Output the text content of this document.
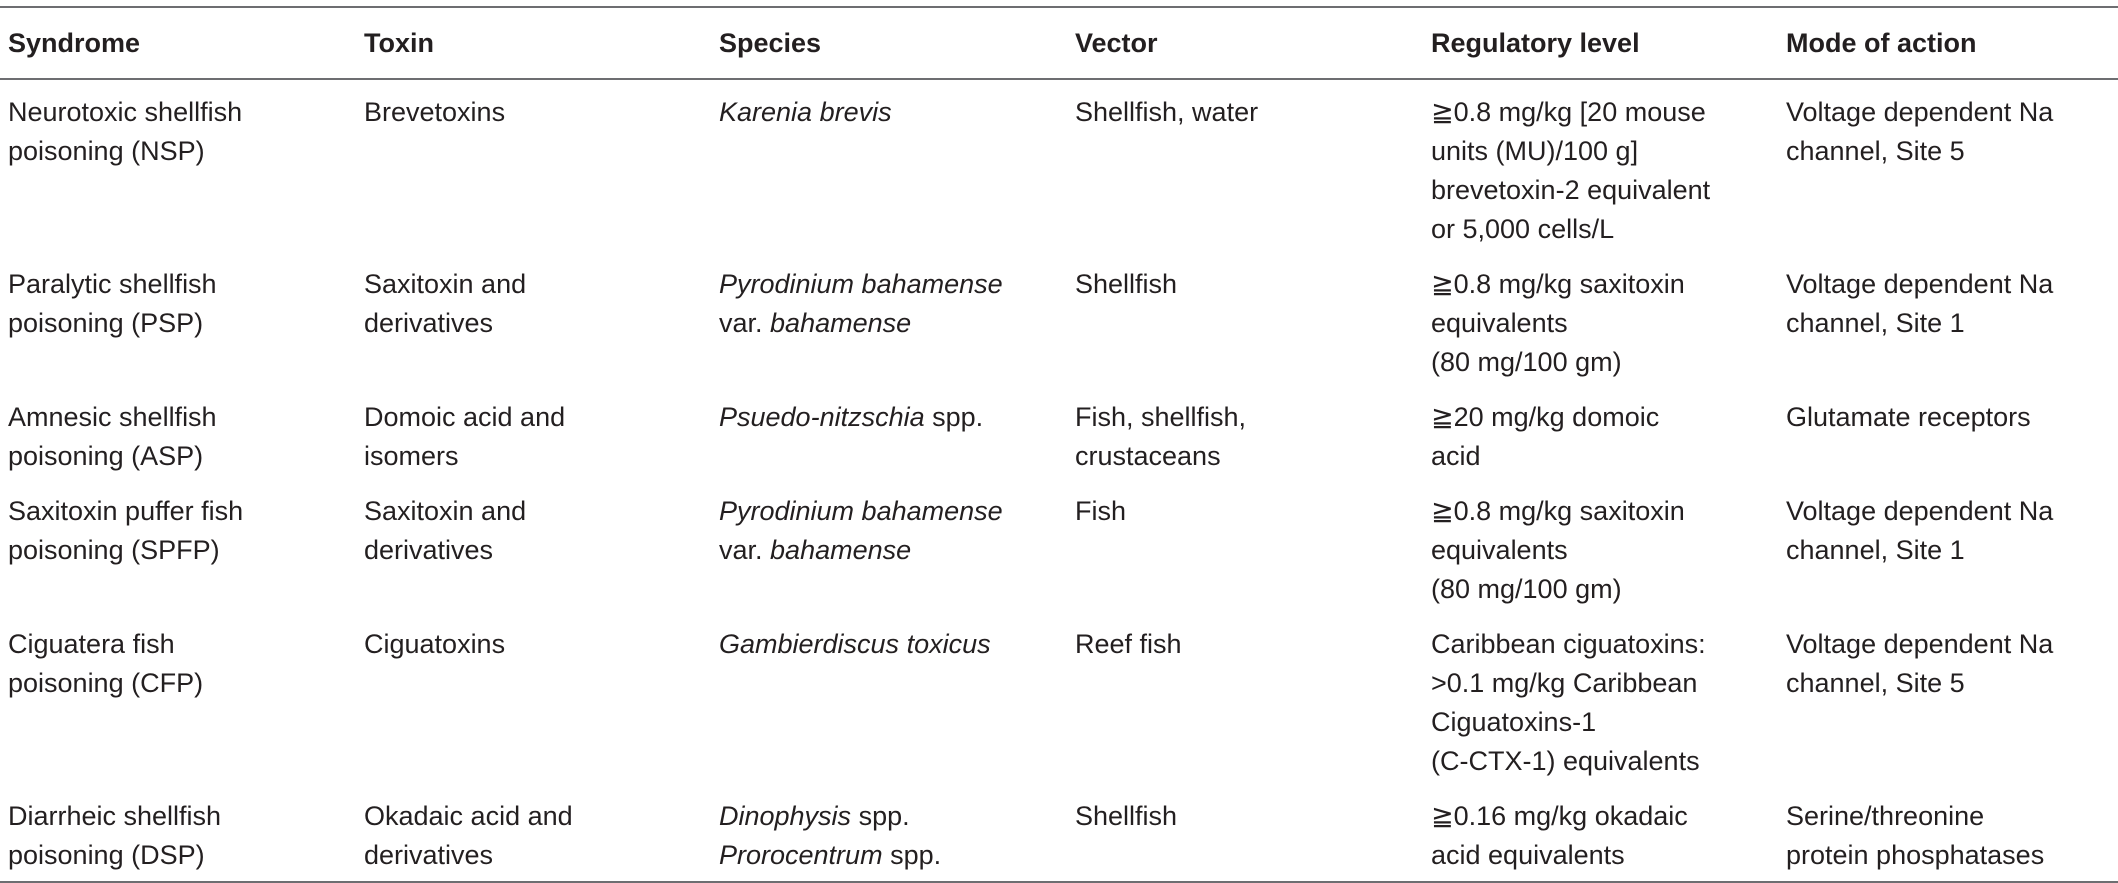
Syndrome	Toxin	Species	Vector	Regulatory level	Mode of action

Neurotoxic shellfish
poisoning (NSP)	Brevetoxins	Karenia brevis	Shellfish, water	≧0.8 mg/kg [20 mouse
units (MU)/100 g]
brevetoxin-2 equivalent
or 5,000 cells/L	Voltage dependent Na
channel, Site 5

Paralytic shellfish
poisoning (PSP)	Saxitoxin and
derivatives	Pyrodinium bahamense
var. bahamense	Shellfish	≧0.8 mg/kg saxitoxin
equivalents
(80 mg/100 gm)	Voltage dependent Na
channel, Site 1

Amnesic shellfish
poisoning (ASP)	Domoic acid and
isomers	Psuedo-nitzschia spp.	Fish, shellfish,
crustaceans	≧20 mg/kg domoic
acid	Glutamate receptors

Saxitoxin puffer fish
poisoning (SPFP)	Saxitoxin and
derivatives	Pyrodinium bahamense
var. bahamense	Fish	≧0.8 mg/kg saxitoxin
equivalents
(80 mg/100 gm)	Voltage dependent Na
channel, Site 1

Ciguatera fish
poisoning (CFP)	Ciguatoxins	Gambierdiscus toxicus	Reef fish	Caribbean ciguatoxins:
>0.1 mg/kg Caribbean
Ciguatoxins-1
(C-CTX-1) equivalents	Voltage dependent Na
channel, Site 5

Diarrheic shellfish
poisoning (DSP)	Okadaic acid and
derivatives	Dinophysis spp.
Prorocentrum spp.	Shellfish	≧0.16 mg/kg okadaic
acid equivalents	Serine/threonine
protein phosphatases
